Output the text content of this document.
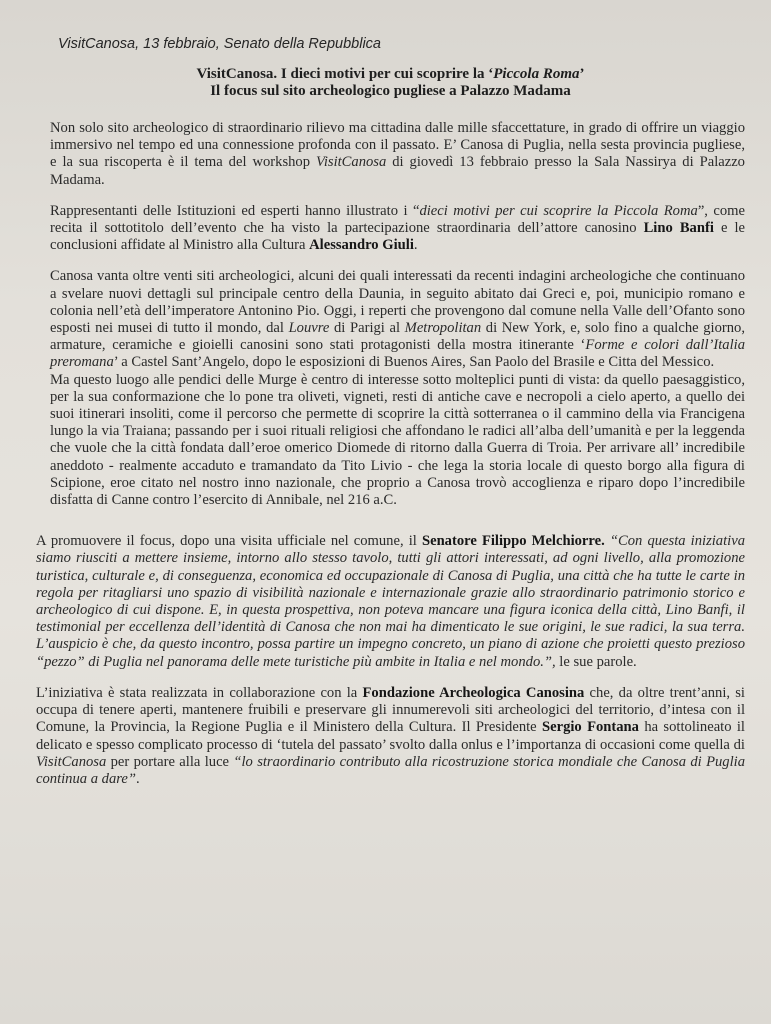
VisitCanosa, 13 febbraio, Senato della Repubblica
VisitCanosa. I dieci motivi per cui scoprire la ‘Piccola Roma’
Il focus sul sito archeologico pugliese a Palazzo Madama

Non solo sito archeologico di straordinario rilievo ma cittadina dalle mille sfaccettature, in grado di offrire un viaggio immersivo nel tempo ed una connessione profonda con il passato. E’ Canosa di Puglia, nella sesta provincia pugliese, e la sua riscoperta è il tema del workshop VisitCanosa di giovedì 13 febbraio presso la Sala Nassirya di Palazzo Madama.

Rappresentanti delle Istituzioni ed esperti hanno illustrato i “dieci motivi per cui scoprire la Piccola Roma”, come recita il sottotitolo dell’evento che ha visto la partecipazione straordinaria dell’attore canosino Lino Banfi e le conclusioni affidate al Ministro alla Cultura Alessandro Giuli.

Canosa vanta oltre venti siti archeologici, alcuni dei quali interessati da recenti indagini archeologiche che continuano a svelare nuovi dettagli sul principale centro della Daunia, in seguito abitato dai Greci e, poi, municipio romano e colonia nell’età dell’imperatore Antonino Pio. Oggi, i reperti che provengono dal comune nella Valle dell’Ofanto sono esposti nei musei di tutto il mondo, dal Louvre di Parigi al Metropolitan di New York, e, solo fino a qualche giorno, armature, ceramiche e gioielli canosini sono stati protagonisti della mostra itinerante ‘Forme e colori dall’Italia preromana’ a Castel Sant’Angelo, dopo le esposizioni di Buenos Aires, San Paolo del Brasile e Citta del Messico.

Ma questo luogo alle pendici delle Murge è centro di interesse sotto molteplici punti di vista: da quello paesaggistico, per la sua conformazione che lo pone tra oliveti, vigneti, resti di antiche cave e necropoli a cielo aperto, a quello dei suoi itinerari insoliti, come il percorso che permette di scoprire la città sotterranea o il cammino della via Francigena lungo la via Traiana; passando per i suoi rituali religiosi che affondano le radici all’alba dell’umanità e per la leggenda che vuole che la città fondata dall’eroe omerico Diomede di ritorno dalla Guerra di Troia. Per arrivare all’ incredibile aneddoto - realmente accaduto e tramandato da Tito Livio - che lega la storia locale di questo borgo alla figura di Scipione, eroe citato nel nostro inno nazionale, che proprio a Canosa trovò accoglienza e riparo dopo l’incredibile disfatta di Canne contro l’esercito di Annibale, nel 216 a.C.

A promuovere il focus, dopo una visita ufficiale nel comune, il Senatore Filippo Melchiorre. “Con questa iniziativa siamo riusciti a mettere insieme, intorno allo stesso tavolo, tutti gli attori interessati, ad ogni livello, alla promozione turistica, culturale e, di conseguenza, economica ed occupazionale di Canosa di Puglia, una città che ha tutte le carte in regola per ritagliarsi uno spazio di visibilità nazionale e internazionale grazie allo straordinario patrimonio storico e archeologico di cui dispone. E, in questa prospettiva, non poteva mancare una figura iconica della città, Lino Banfi, il testimonial per eccellenza dell’identità di Canosa che non mai ha dimenticato le sue origini, le sue radici, la sua terra. L’auspicio è che, da questo incontro, possa partire un impegno concreto, un piano di azione che proietti questo prezioso “pezzo” di Puglia nel panorama delle mete turistiche più ambite in Italia e nel mondo.”, le sue parole.

L’iniziativa è stata realizzata in collaborazione con la Fondazione Archeologica Canosina che, da oltre trent’anni, si occupa di tenere aperti, mantenere fruibili e preservare gli innumerevoli siti archeologici del territorio, d’intesa con il Comune, la Provincia, la Regione Puglia e il Ministero della Cultura. Il Presidente Sergio Fontana ha sottolineato il delicato e spesso complicato processo di ‘tutela del passato’ svolto dalla onlus e l’importanza di occasioni come quella di VisitCanosa per portare alla luce “lo straordinario contributo alla ricostruzione storica mondiale che Canosa di Puglia continua a dare”.
